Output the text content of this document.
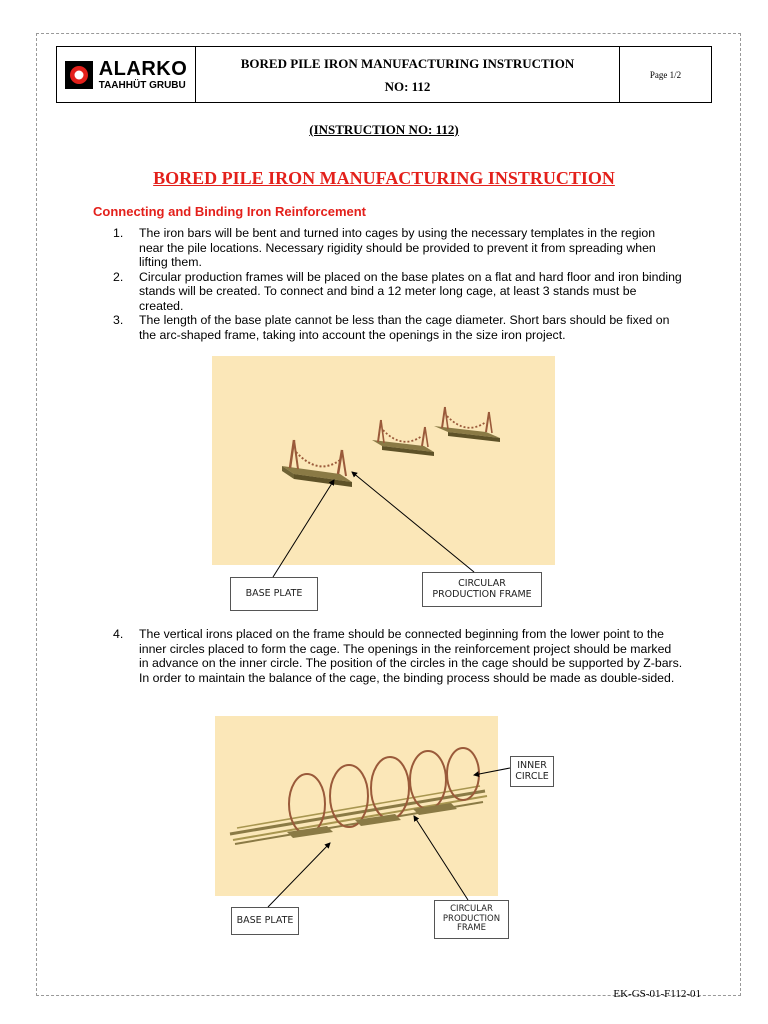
ALARKO
TAAHHÜT GRUBU
BORED PILE IRON MANUFACTURING INSTRUCTION
NO: 112
Page 1/2
(INSTRUCTION NO: 112)
BORED PILE IRON MANUFACTURING INSTRUCTION
Connecting and Binding Iron Reinforcement
1.	The iron bars will be bent and turned into cages by using the necessary templates in the region near the pile locations. Necessary rigidity should be provided to prevent it from spreading when lifting them.
2.	Circular production frames will be placed on the base plates on a flat and hard floor and iron binding stands will be created. To connect and bind a 12 meter long cage, at least 3 stands must be created.
3.	The length of the base plate cannot be less than the cage diameter. Short bars should be fixed on the arc-shaped frame, taking into account the openings in the size iron project.
BASE PLATE
CIRCULAR
PRODUCTION FRAME
4.	The vertical irons placed on the frame should be connected beginning from the lower point to the inner circles placed to form the cage. The openings in the reinforcement project should be marked in advance on the inner circle. The position of the circles in the cage should be supported by Z-bars. In order to maintain the balance of the cage, the binding process should be made as double-sided.
INNER
CIRCLE
BASE PLATE
CIRCULAR
PRODUCTION
FRAME
EK-GS-01-F112-01
